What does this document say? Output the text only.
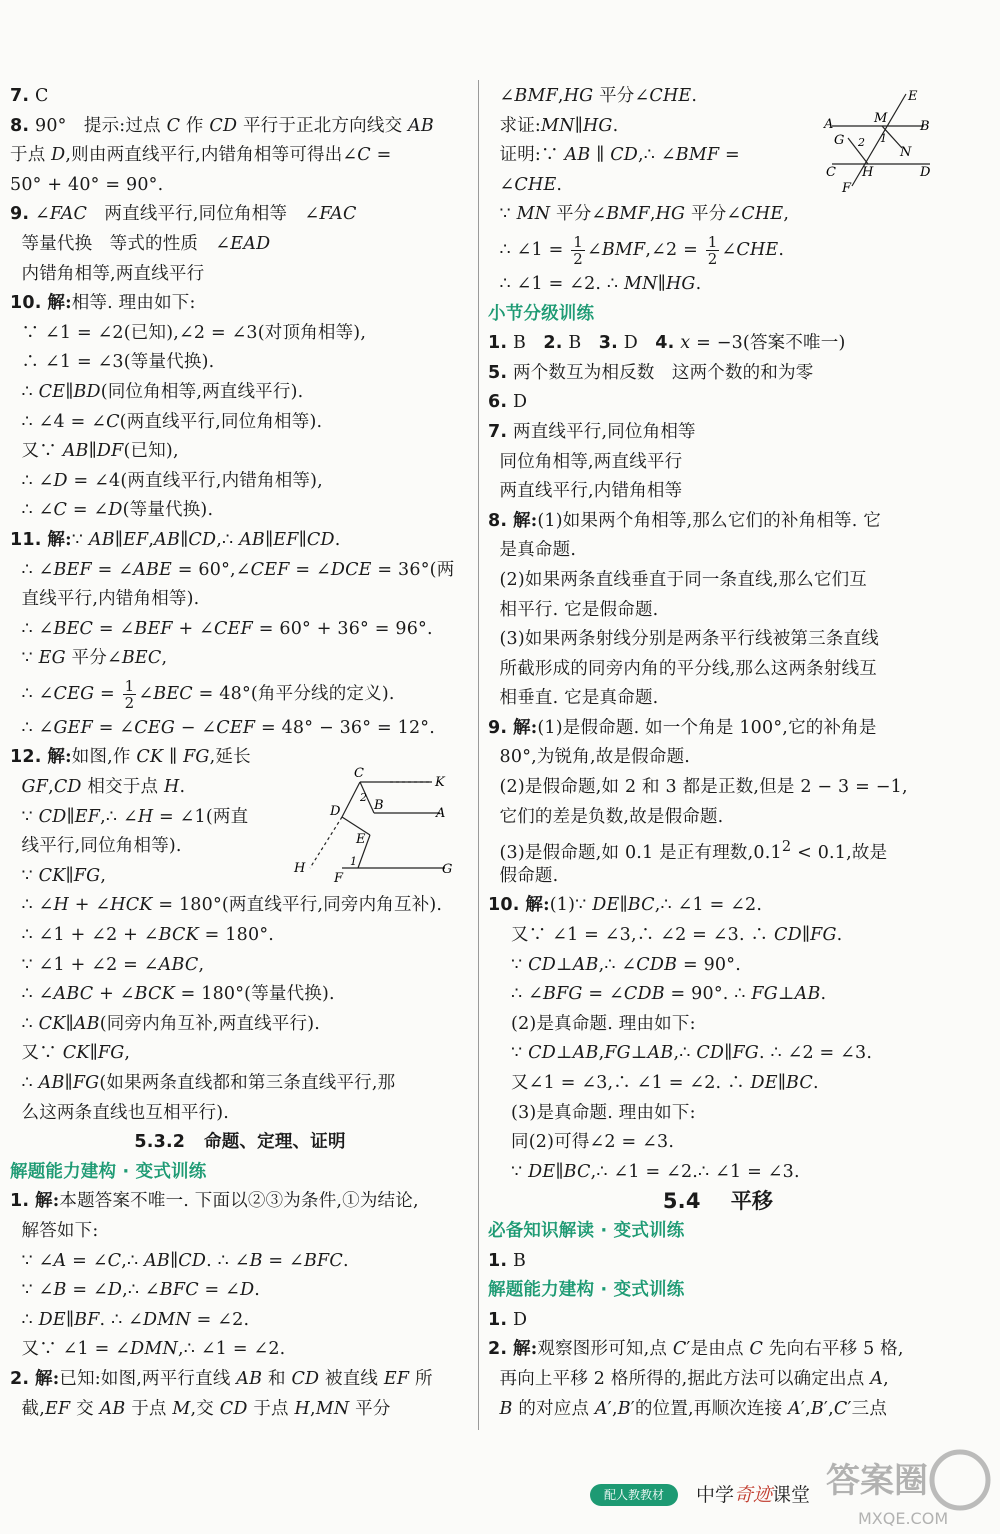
7. C
8. 90°   提示:过点 C 作 CD 平行于正北方向线交 AB
于点 D,则由两直线平行,内错角相等可得出∠C =
50° + 40° = 90°.
9. ∠FAC   两直线平行,同位角相等   ∠FAC
等量代换   等式的性质   ∠EAD
内错角相等,两直线平行
10. 解:相等. 理由如下:
∵ ∠1 = ∠2(已知),∠2 = ∠3(对顶角相等),
∴ ∠1 = ∠3(等量代换).
∴ CE∥BD(同位角相等,两直线平行).
∴ ∠4 = ∠C(两直线平行,同位角相等).
又∵ AB∥DF(已知),
∴ ∠D = ∠4(两直线平行,内错角相等),
∴ ∠C = ∠D(等量代换).
11. 解:∵ AB∥EF,AB∥CD,∴ AB∥EF∥CD.
∴ ∠BEF = ∠ABE = 60°,∠CEF = ∠DCE = 36°(两
直线平行,内错角相等).
∴ ∠BEC = ∠BEF + ∠CEF = 60° + 36° = 96°.
∵ EG 平分∠BEC,
∴ ∠CEG = $\frac{1}{2}$ ∠BEC = 48°(角平分线的定义).
∴ ∠GEF = ∠CEG − ∠CEF = 48° − 36° = 12°.
12. 解:如图,作 CK ∥ FG,延长
GF,CD 相交于点 H.
∵ CD∥EF,∴ ∠H = ∠1(两直
线平行,同位角相等).
∵ CK∥FG,
∴ ∠H + ∠HCK = 180°(两直线平行,同旁内角互补).
∴ ∠1 + ∠2 + ∠BCK = 180°.
∵ ∠1 + ∠2 = ∠ABC,
∴ ∠ABC + ∠BCK = 180°(等量代换).
∴ CK∥AB(同旁内角互补,两直线平行).
又∵ CK∥FG,
∴ AB∥FG(如果两条直线都和第三条直线平行,那
么这两条直线也互相平行).
5.3.2   命题、定理、证明
解题能力建构 · 变式训练
1. 解:本题答案不唯一. 下面以②③为条件,①为结论,
解答如下:
∵ ∠A = ∠C,∴ AB∥CD. ∴ ∠B = ∠BFC.
∵ ∠B = ∠D,∴ ∠BFC = ∠D.
∴ DE∥BF. ∴ ∠DMN = ∠2.
又∵ ∠1 = ∠DMN,∴ ∠1 = ∠2.
2. 解:已知:如图,两平行直线 AB 和 CD 被直线 EF 所
截,EF 交 AB 于点 M,交 CD 于点 H,MN 平分
∠BMF,HG 平分∠CHE.
求证:MN∥HG.
证明:∵ AB ∥ CD,∴ ∠BMF =
∠CHE.
∵ MN 平分∠BMF,HG 平分∠CHE,
∴ ∠1 = $\frac{1}{2}$ ∠BMF,∠2 = $\frac{1}{2}$ ∠CHE.
∴ ∠1 = ∠2. ∴ MN∥HG.
小节分级训练
1. B   2. B   3. D   4. x = −3(答案不唯一)
5. 两个数互为相反数   这两个数的和为零
6. D
7. 两直线平行,同位角相等
同位角相等,两直线平行
两直线平行,内错角相等
8. 解:(1)如果两个角相等,那么它们的补角相等. 它
是真命题.
(2)如果两条直线垂直于同一条直线,那么它们互
相平行. 它是假命题.
(3)如果两条射线分别是两条平行线被第三条直线
所截形成的同旁内角的平分线,那么这两条射线互
相垂直. 它是真命题.
9. 解:(1)是假命题. 如一个角是 100°,它的补角是
80°,为锐角,故是假命题.
(2)是假命题,如 2 和 3 都是正数,但是 2 − 3 = −1,
它们的差是负数,故是假命题.
(3)是假命题,如 0.1 是正有理数$,0.1^2 < 0.1$,故是
假命题.
10. 解:(1)∵ DE∥BC,∴ ∠1 = ∠2.
又∵ ∠1 = ∠3,∴ ∠2 = ∠3. ∴ CD∥FG.
∵ CD⊥AB,∴ ∠CDB = 90°.
∴ ∠BFG = ∠CDB = 90°. ∴ FG⊥AB.
(2)是真命题. 理由如下:
∵ CD⊥AB,FG⊥AB,∴ CD∥FG. ∴ ∠2 = ∠3.
又∠1 = ∠3,∴ ∠1 = ∠2. ∴ DE∥BC.
(3)是真命题. 理由如下:
同(2)可得∠2 = ∠3.
∵ DE∥BC,∴ ∠1 = ∠2.∴ ∠1 = ∠3.
5.4    平移
必备知识解读 · 变式训练
1. B
解题能力建构 · 变式训练
1. D
2. 解:观察图形可知,点 C′是由点 C 先向右平移 5 格,
再向上平移 2 格所得的,据此方法可以确定出点 A,
B 的对应点 A′,B′的位置,再顺次连接 A′,B′,C′三点
C
K
D	A
B
E
H
F
G
1
2
E
A	M
B
G 2 1
N
C H	D
F
配人教教材	中学奇迹课堂 答案圈
MXQE.COM
